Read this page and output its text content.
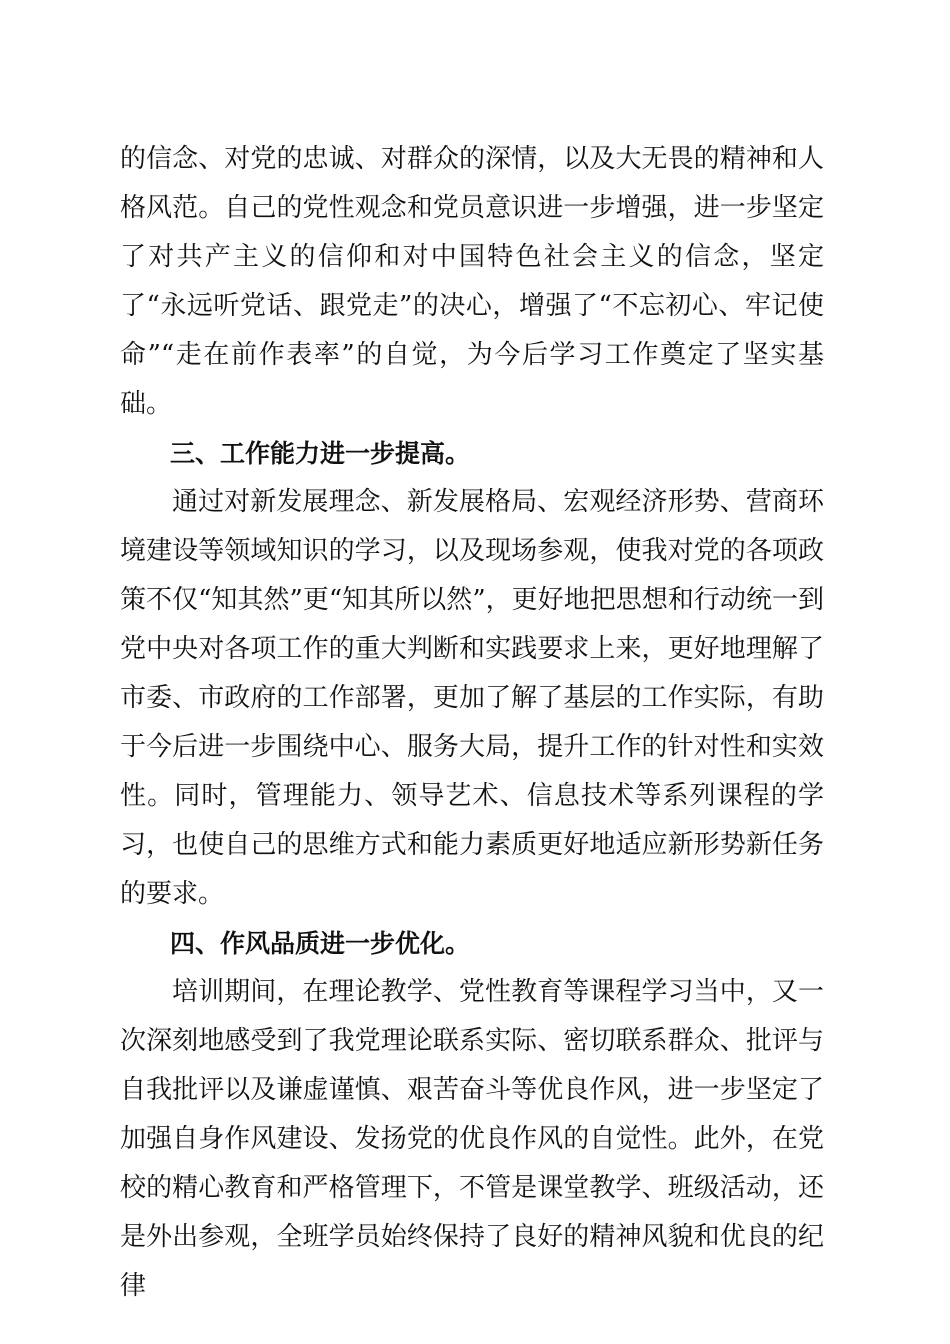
的信念、对党的忠诚、对群众的深情，以及大无畏的精神和人格风范。自己的党性观念和党员意识进一步增强，进一步坚定了对共产主义的信仰和对中国特色社会主义的信念，坚定了“永远听党话、跟党走”的决心，增强了“不忘初心、牢记使命”“走在前作表率”的自觉，为今后学习工作奠定了坚实基础。

三、工作能力进一步提高。

通过对新发展理念、新发展格局、宏观经济形势、营商环境建设等领域知识的学习，以及现场参观，使我对党的各项政策不仅“知其然”更“知其所以然”，更好地把思想和行动统一到党中央对各项工作的重大判断和实践要求上来，更好地理解了市委、市政府的工作部署，更加了解了基层的工作实际，有助于今后进一步围绕中心、服务大局，提升工作的针对性和实效性。同时，管理能力、领导艺术、信息技术等系列课程的学习，也使自己的思维方式和能力素质更好地适应新形势新任务的要求。

四、作风品质进一步优化。

培训期间，在理论教学、党性教育等课程学习当中，又一次深刻地感受到了我党理论联系实际、密切联系群众、批评与自我批评以及谦虚谨慎、艰苦奋斗等优良作风，进一步坚定了加强自身作风建设、发扬党的优良作风的自觉性。此外，在党校的精心教育和严格管理下，不管是课堂教学、班级活动，还是外出参观，全班学员始终保持了良好的精神风貌和优良的纪律
